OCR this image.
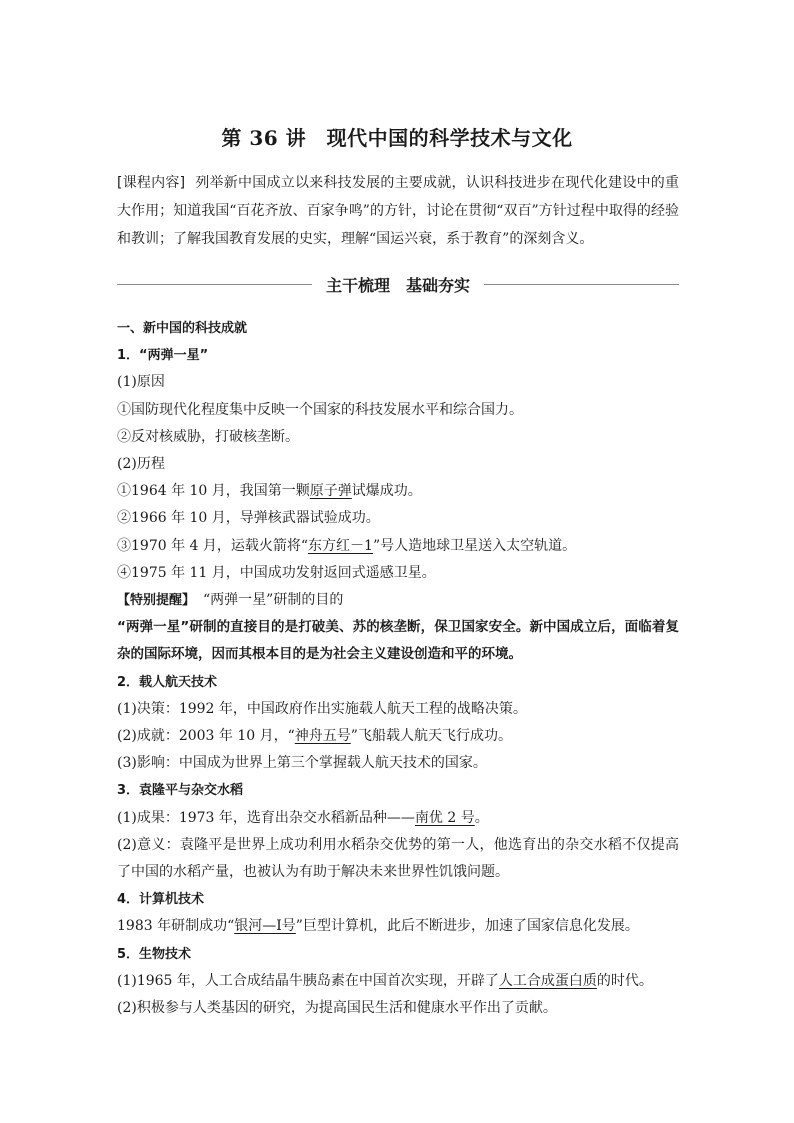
第 36 讲　现代中国的科学技术与文化
[课程内容] 列举新中国成立以来科技发展的主要成就，认识科技进步在现代化建设中的重大作用；知道我国“百花齐放、百家争鸣”的方针，讨论在贯彻“双百”方针过程中取得的经验和教训；了解我国教育发展的史实，理解“国运兴衰，系于教育”的深刻含义。
主干梳理　基础夯实
一、新中国的科技成就
1．“两弹一星”
(1)原因
①国防现代化程度集中反映一个国家的科技发展水平和综合国力。
②反对核威胁，打破核垄断。
(2)历程
①1964 年 10 月，我国第一颗原子弹试爆成功。
②1966 年 10 月，导弹核武器试验成功。
③1970 年 4 月，运载火箭将“东方红－1”号人造地球卫星送入太空轨道。
④1975 年 11 月，中国成功发射返回式遥感卫星。
【特别提醒】 “两弹一星”研制的目的
“两弹一星”研制的直接目的是打破美、苏的核垄断，保卫国家安全。新中国成立后，面临着复杂的国际环境，因而其根本目的是为社会主义建设创造和平的环境。
2．载人航天技术
(1)决策：1992 年，中国政府作出实施载人航天工程的战略决策。
(2)成就：2003 年 10 月，“神舟五号”飞船载人航天飞行成功。
(3)影响：中国成为世界上第三个掌握载人航天技术的国家。
3．袁隆平与杂交水稻
(1)成果：1973 年，选育出杂交水稻新品种——南优 2 号。
(2)意义：袁隆平是世界上成功利用水稻杂交优势的第一人，他选育出的杂交水稻不仅提高了中国的水稻产量，也被认为有助于解决未来世界性饥饿问题。
4．计算机技术
1983 年研制成功“银河—Ⅰ号”巨型计算机，此后不断进步，加速了国家信息化发展。
5．生物技术
(1)1965 年，人工合成结晶牛胰岛素在中国首次实现，开辟了人工合成蛋白质的时代。
(2)积极参与人类基因的研究，为提高国民生活和健康水平作出了贡献。
